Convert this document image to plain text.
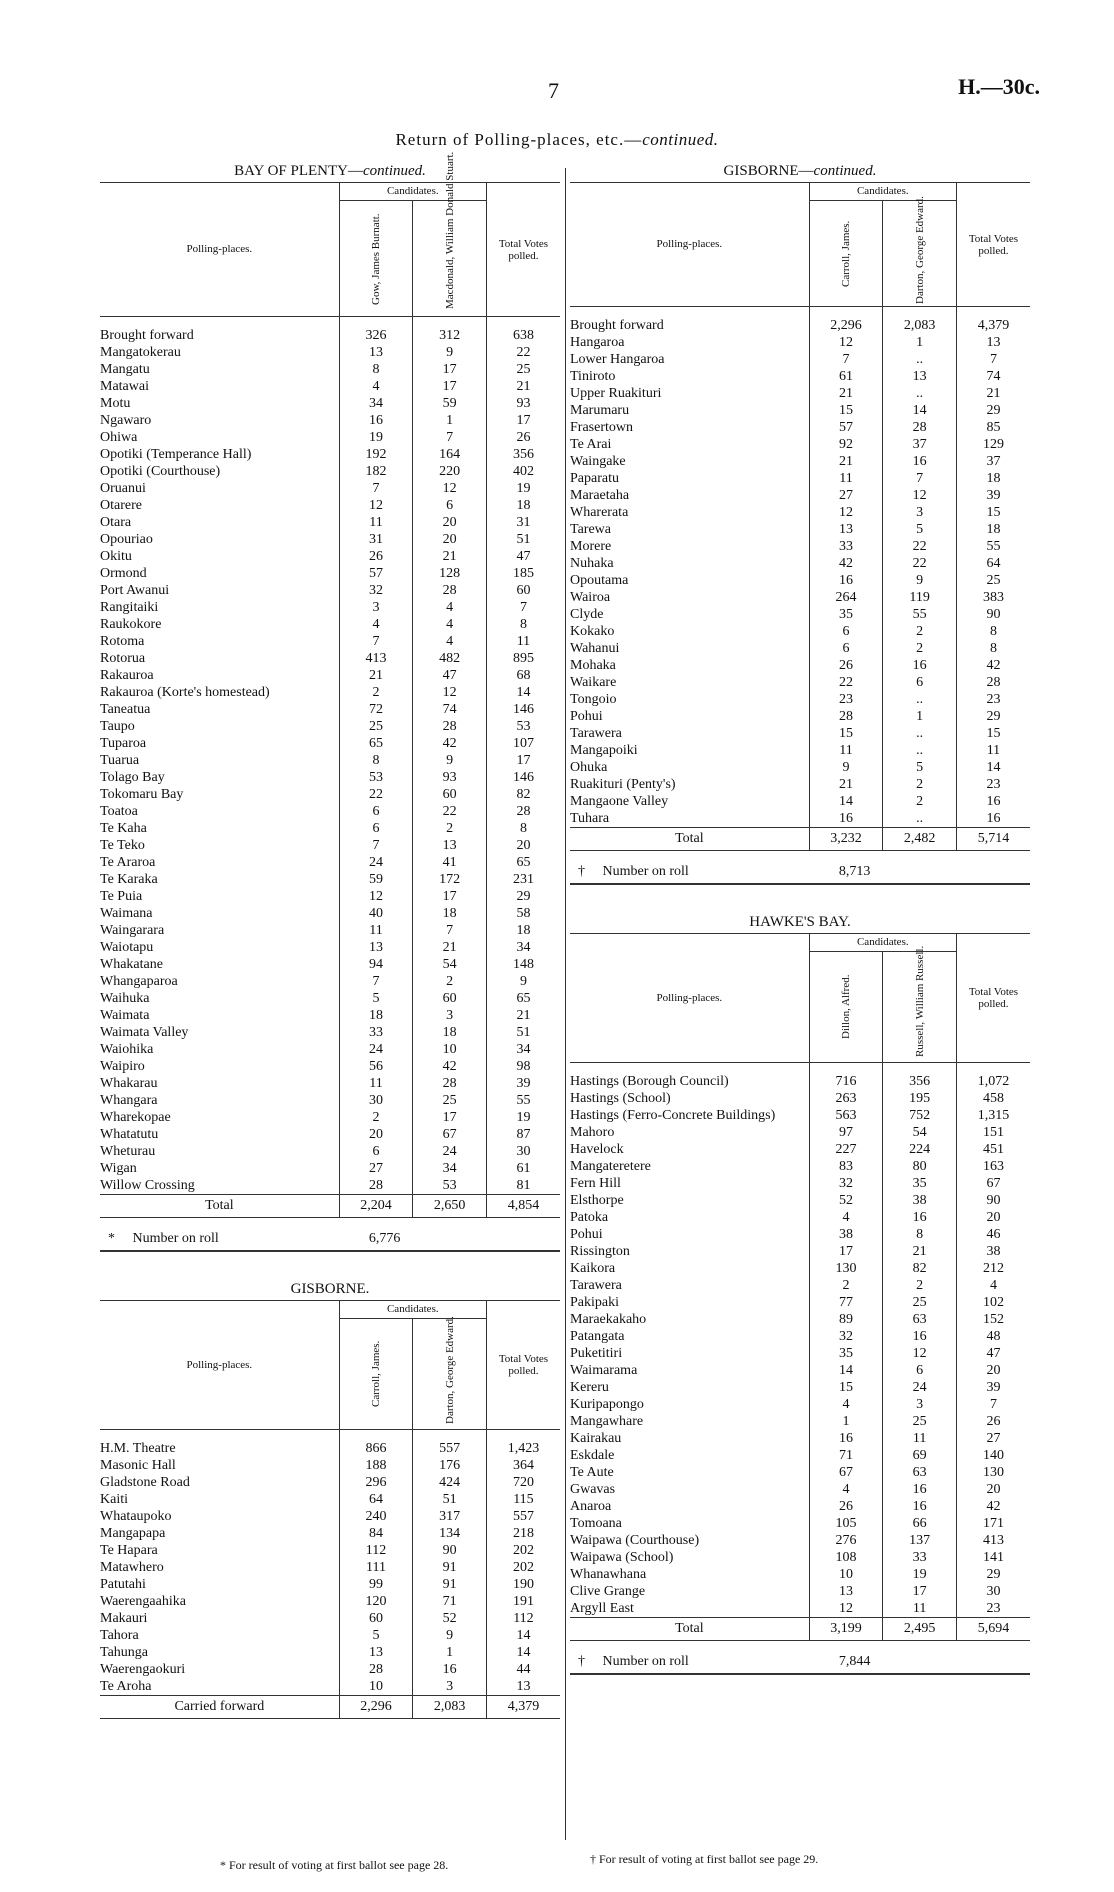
7	H.—30c.
Return of Polling-places, etc.—continued.
BAY OF PLENTY—continued.
Polling-places.	Candidates.		Total Votes polled.

	Gow, James Burnatt.	Macdonald, William Donald Stuart.	

Brought forward	326	312	638
Mangatokerau	13	9	22
Mangatu	8	17	25
Matawai	4	17	21
Motu	34	59	93
Ngawaro	16	1	17
Ohiwa	19	7	26
Opotiki (Temperance Hall)	192	164	356
Opotiki (Courthouse)	182	220	402
Oruanui	7	12	19
Otarere	12	6	18
Otara	11	20	31
Opouriao	31	20	51
Okitu	26	21	47
Ormond	57	128	185
Port Awanui	32	28	60
Rangitaiki	3	4	7
Raukokore	4	4	8
Rotoma	7	4	11
Rotorua	413	482	895
Rakauroa	21	47	68
Rakauroa (Korte's homestead)	2	12	14
Taneatua	72	74	146
Taupo	25	28	53
Tuparoa	65	42	107
Tuarua	8	9	17
Tolago Bay	53	93	146
Tokomaru Bay	22	60	82
Toatoa	6	22	28
Te Kaha	6	2	8
Te Teko	7	13	20
Te Araroa	24	41	65
Te Karaka	59	172	231
Te Puia	12	17	29
Waimana	40	18	58
Waingarara	11	7	18
Waiotapu	13	21	34
Whakatane	94	54	148
Whangaparoa	7	2	9
Waihuka	5	60	65
Waimata	18	3	21
Waimata Valley	33	18	51
Waiohika	24	10	34
Waipiro	56	42	98
Whakarau	11	28	39
Whangara	30	25	55
Wharekopae	2	17	19
Whatatutu	20	67	87
Wheturau	6	24	30
Wigan	27	34	61
Willow Crossing	28	53	81
Total	2,204	2,650	4,854
* Number on roll	6,776
GISBORNE.
Polling-places.	Candidates.		Total Votes polled.

	Carroll, James.	Darton, George Edward.	

H.M. Theatre	866	557	1,423
Masonic Hall	188	176	364
Gladstone Road	296	424	720
Kaiti	64	51	115
Whataupoko	240	317	557
Mangapapa	84	134	218
Te Hapara	112	90	202
Matawhero	111	91	202
Patutahi	99	91	190
Waerengaahika	120	71	191
Makauri	60	52	112
Tahora	5	9	14
Tahunga	13	1	14
Waerengaokuri	28	16	44
Te Aroha	10	3	13
Carried forward	2,296	2,083	4,379
GISBORNE—continued.
Polling-places.	Candidates.		Total Votes polled.

	Carroll, James.	Darton, George Edward.	

Brought forward	2,296	2,083	4,379
Hangaroa	12	1	13
Lower Hangaroa	7	..	7
Tiniroto	61	13	74
Upper Ruakituri	21	..	21
Marumaru	15	14	29
Frasertown	57	28	85
Te Arai	92	37	129
Waingake	21	16	37
Paparatu	11	7	18
Maraetaha	27	12	39
Wharerata	12	3	15
Tarewa	13	5	18
Morere	33	22	55
Nuhaka	42	22	64
Opoutama	16	9	25
Wairoa	264	119	383
Clyde	35	55	90
Kokako	6	2	8
Wahanui	6	2	8
Mohaka	26	16	42
Waikare	22	6	28
Tongoio	23	..	23
Pohui	28	1	29
Tarawera	15	..	15
Mangapoiki	11	..	11
Ohuka	9	5	14
Ruakituri (Penty's)	21	2	23
Mangaone Valley	14	2	16
Tuhara	16	..	16
Total	3,232	2,482	5,714
† Number on roll	8,713
HAWKE'S BAY.
Polling-places.	Candidates.		Total Votes polled.

	Dillon, Alfred.	Russell, William Russell.	

Hastings (Borough Council)	716	356	1,072
Hastings (School)	263	195	458
Hastings (Ferro-Concrete Buildings)	563	752	1,315
Mahoro	97	54	151
Havelock	227	224	451
Mangateretere	83	80	163
Fern Hill	32	35	67
Elsthorpe	52	38	90
Patoka	4	16	20
Pohui	38	8	46
Rissington	17	21	38
Kaikora	130	82	212
Tarawera	2	2	4
Pakipaki	77	25	102
Maraekakaho	89	63	152
Patangata	32	16	48
Puketitiri	35	12	47
Waimarama	14	6	20
Kereru	15	24	39
Kuripapongo	4	3	7
Mangawhare	1	25	26
Kairakau	16	11	27
Eskdale	71	69	140
Te Aute	67	63	130
Gwavas	4	16	20
Anaroa	26	16	42
Tomoana	105	66	171
Waipawa (Courthouse)	276	137	413
Waipawa (School)	108	33	141
Whanawhana	10	19	29
Clive Grange	13	17	30
Argyll East	12	11	23
Total	3,199	2,495	5,694
† Number on roll	7,844
* For result of voting at first ballot see page 28.	† For result of voting at first ballot see page 29.
